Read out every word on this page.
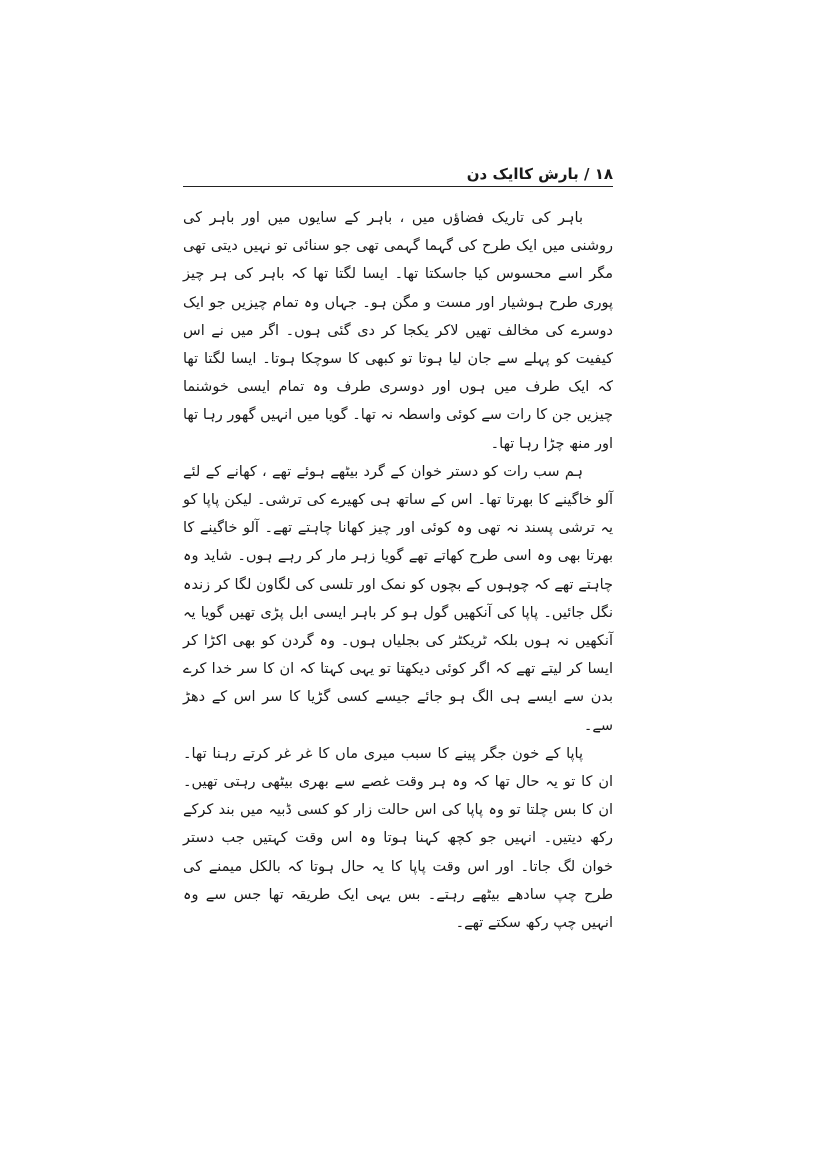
۱۸ / بارش کاایک دن

باہر کی تاریک فضاؤں میں ، باہر کے سایوں میں اور باہر کی روشنی میں ایک طرح کی گہما گہمی تھی جو سنائی تو نہیں دیتی تھی مگر اسے محسوس کیا جاسکتا تھا۔ ایسا لگتا تھا کہ باہر کی ہر چیز پوری طرح ہوشیار اور مست و مگن ہو۔ جہاں وہ تمام چیزیں جو ایک دوسرے کی مخالف تھیں لاکر یکجا کر دی گئی ہوں۔ اگر میں نے اس کیفیت کو پہلے سے جان لیا ہوتا تو کبھی کا سوچکا ہوتا۔ ایسا لگتا تھا کہ ایک طرف میں ہوں اور دوسری طرف وہ تمام ایسی خوشنما چیزیں جن کا رات سے کوئی واسطہ نہ تھا۔ گویا میں انہیں گھور رہا تھا اور منھ چڑا رہا تھا۔

ہم سب رات کو دستر خوان کے گرد بیٹھے ہوئے تھے ، کھانے کے لئے آلو خاگینے کا بھرتا تھا۔ اس کے ساتھ ہی کھیرے کی ترشی۔ لیکن پاپا کو یہ ترشی پسند نہ تھی وہ کوئی اور چیز کھانا چاہتے تھے۔ آلو خاگینے کا بھرتا بھی وہ اسی طرح کھاتے تھے گویا زہر مار کر رہے ہوں۔ شاید وہ چاہتے تھے کہ چوہوں کے بچوں کو نمک اور تلسی کی لگاون لگا کر زندہ نگل جائیں۔ پاپا کی آنکھیں گول ہو کر باہر ایسی ابل پڑی تھیں گویا یہ آنکھیں نہ ہوں بلکہ ٹریکٹر کی بجلیاں ہوں۔ وہ گردن کو بھی اکڑا کر ایسا کر لیتے تھے کہ اگر کوئی دیکھتا تو یہی کہتا کہ ان کا سر خدا کرے بدن سے ایسے ہی الگ ہو جائے جیسے کسی گڑیا کا سر اس کے دھڑ سے۔

پاپا کے خون جگر پینے کا سبب میری ماں کا غر غر کرتے رہنا تھا۔ ان کا تو یہ حال تھا کہ وہ ہر وقت غصے سے بھری بیٹھی رہتی تھیں۔ ان کا بس چلتا تو وہ پاپا کی اس حالت زار کو کسی ڈبیہ میں بند کرکے رکھ دیتیں۔ انہیں جو کچھ کہنا ہوتا وہ اس وقت کہتیں جب دستر خوان لگ جاتا۔ اور اس وقت پاپا کا یہ حال ہوتا کہ بالکل میمنے کی طرح چپ سادھے بیٹھے رہتے۔ بس یہی ایک طریقہ تھا جس سے وہ انہیں چپ رکھ سکتے تھے۔
